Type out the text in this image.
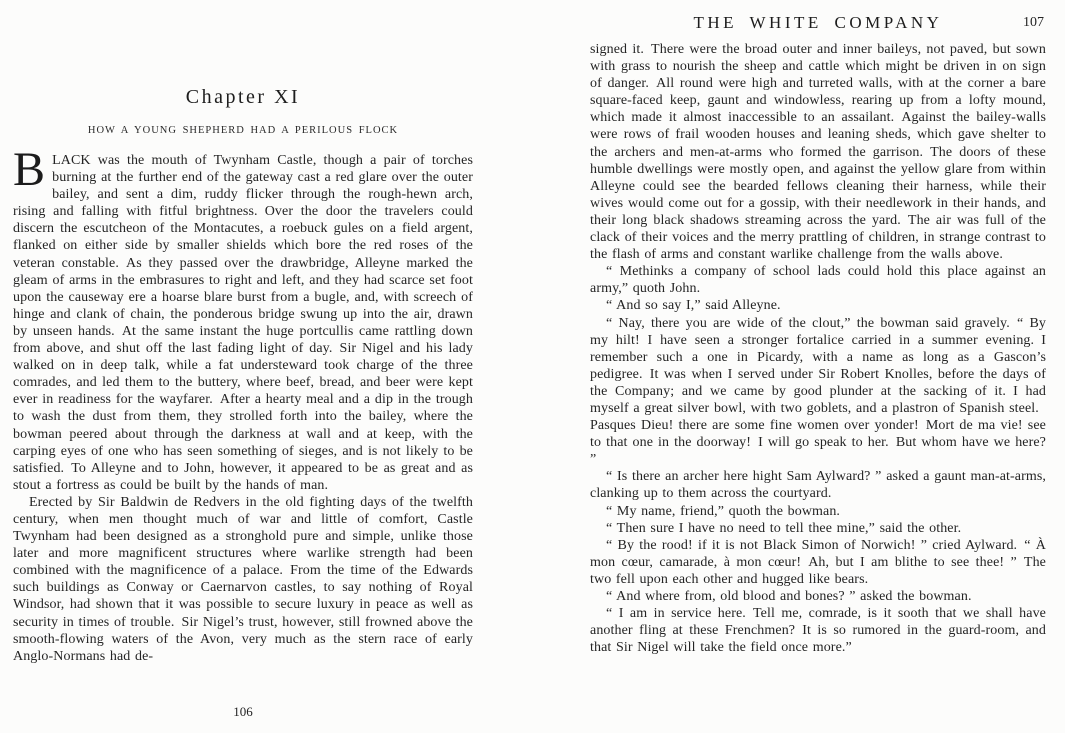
Chapter XI
HOW A YOUNG SHEPHERD HAD A PERILOUS FLOCK

BLACK was the mouth of Twynham Castle, though a pair of torches burning at the further end of the gateway cast a red glare over the outer bailey, and sent a dim, ruddy flicker through the rough-hewn arch, rising and falling with fitful brightness. Over the door the travelers could discern the escutcheon of the Montacutes, a roebuck gules on a field argent, flanked on either side by smaller shields which bore the red roses of the veteran constable. As they passed over the drawbridge, Alleyne marked the gleam of arms in the embrasures to right and left, and they had scarce set foot upon the causeway ere a hoarse blare burst from a bugle, and, with screech of hinge and clank of chain, the ponderous bridge swung up into the air, drawn by unseen hands. At the same instant the huge portcullis came rattling down from above, and shut off the last fading light of day. Sir Nigel and his lady walked on in deep talk, while a fat understeward took charge of the three comrades, and led them to the buttery, where beef, bread, and beer were kept ever in readiness for the wayfarer. After a hearty meal and a dip in the trough to wash the dust from them, they strolled forth into the bailey, where the bowman peered about through the darkness at wall and at keep, with the carping eyes of one who has seen something of sieges, and is not likely to be satisfied. To Alleyne and to John, however, it appeared to be as great and as stout a fortress as could be built by the hands of man.

Erected by Sir Baldwin de Redvers in the old fighting days of the twelfth century, when men thought much of war and little of comfort, Castle Twynham had been designed as a stronghold pure and simple, unlike those later and more magnificent structures where warlike strength had been combined with the magnificence of a palace. From the time of the Edwards such buildings as Conway or Caernarvon castles, to say nothing of Royal Windsor, had shown that it was possible to secure luxury in peace as well as security in times of trouble. Sir Nigel’s trust, however, still frowned above the smooth-flowing waters of the Avon, very much as the stern race of early Anglo-Normans had de-

106
THE WHITE COMPANY	107

signed it. There were the broad outer and inner baileys, not paved, but sown with grass to nourish the sheep and cattle which might be driven in on sign of danger. All round were high and turreted walls, with at the corner a bare square-faced keep, gaunt and windowless, rearing up from a lofty mound, which made it almost inaccessible to an assailant. Against the bailey-walls were rows of frail wooden houses and leaning sheds, which gave shelter to the archers and men-at-arms who formed the garrison. The doors of these humble dwellings were mostly open, and against the yellow glare from within Alleyne could see the bearded fellows cleaning their harness, while their wives would come out for a gossip, with their needlework in their hands, and their long black shadows streaming across the yard. The air was full of the clack of their voices and the merry prattling of children, in strange contrast to the flash of arms and constant warlike challenge from the walls above.

“ Methinks a company of school lads could hold this place against an army,” quoth John.

“ And so say I,” said Alleyne.

“ Nay, there you are wide of the clout,” the bowman said gravely. “ By my hilt! I have seen a stronger fortalice carried in a summer evening. I remember such a one in Picardy, with a name as long as a Gascon’s pedigree. It was when I served under Sir Robert Knolles, before the days of the Company; and we came by good plunder at the sacking of it. I had myself a great silver bowl, with two goblets, and a plastron of Spanish steel. Pasques Dieu! there are some fine women over yonder! Mort de ma vie! see to that one in the doorway! I will go speak to her. But whom have we here? ”

“ Is there an archer here hight Sam Aylward? ” asked a gaunt man-at-arms, clanking up to them across the courtyard.

“ My name, friend,” quoth the bowman.

“ Then sure I have no need to tell thee mine,” said the other.

“ By the rood! if it is not Black Simon of Norwich! ” cried Aylward. “ À mon cœur, camarade, à mon cœur! Ah, but I am blithe to see thee! ” The two fell upon each other and hugged like bears.

“ And where from, old blood and bones? ” asked the bowman.

“ I am in service here. Tell me, comrade, is it sooth that we shall have another fling at these Frenchmen? It is so rumored in the guard-room, and that Sir Nigel will take the field once more.”
